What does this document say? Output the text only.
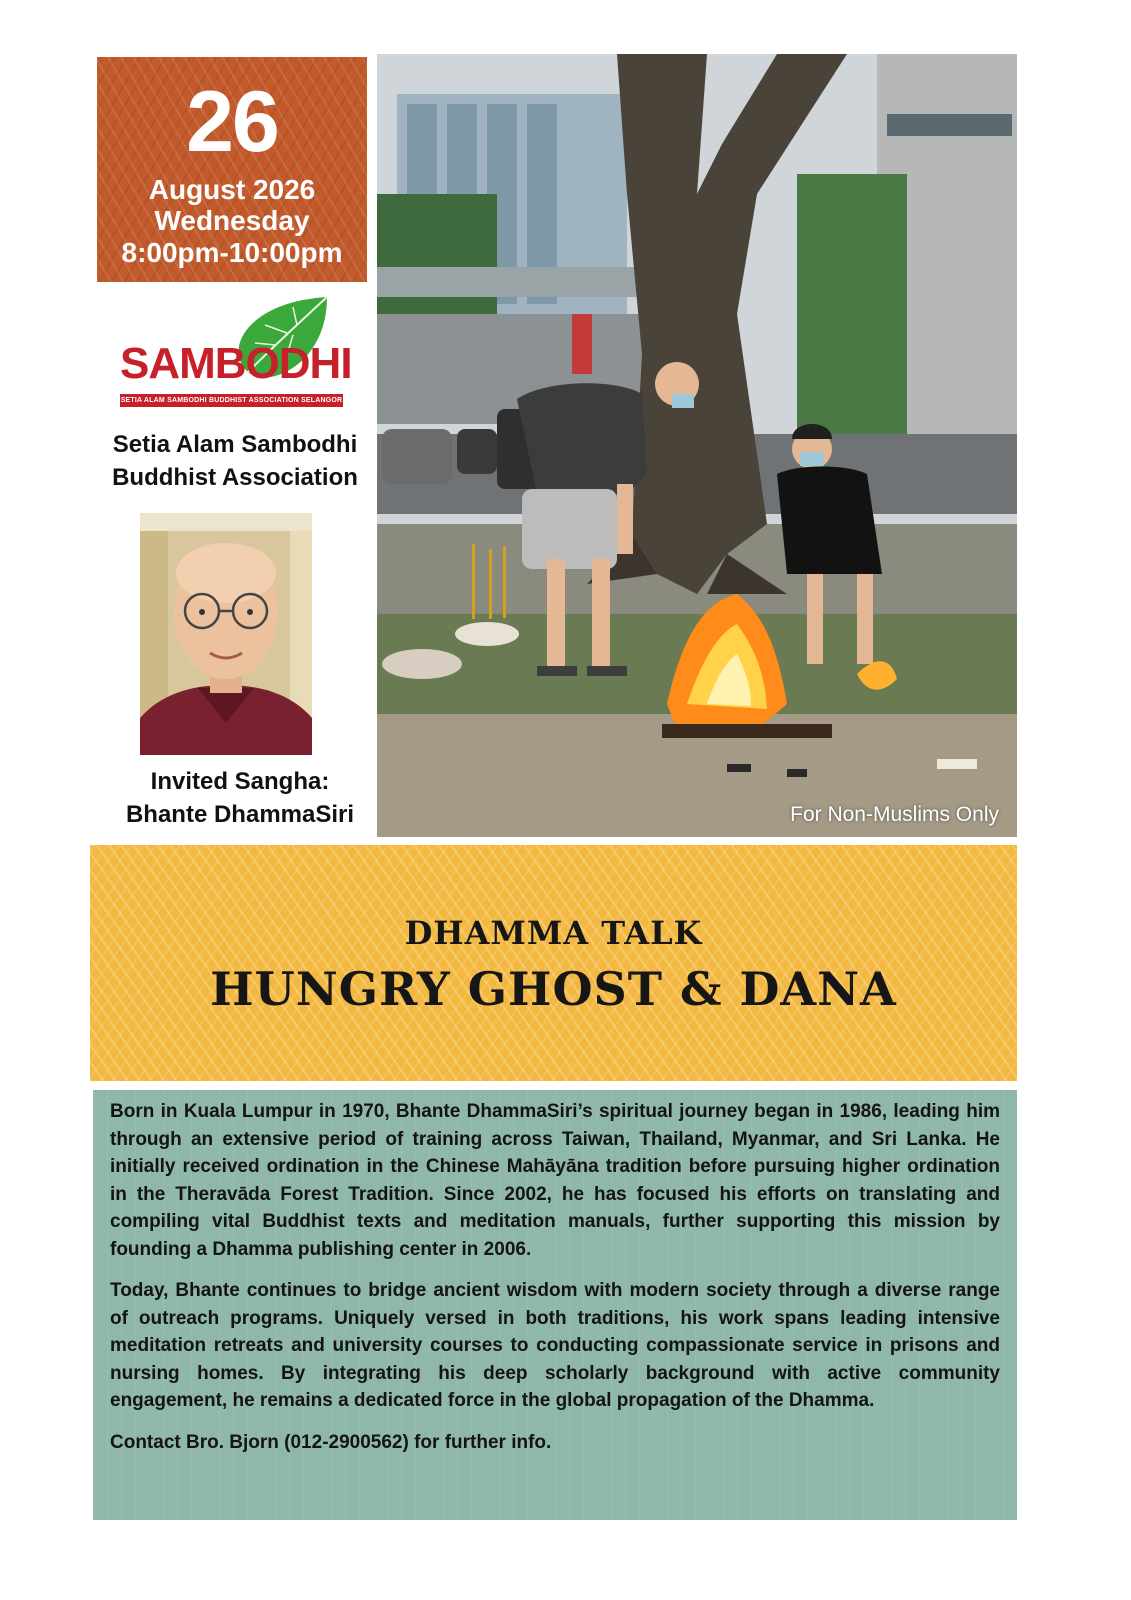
26
August 2026
Wednesday
8:00pm-10:00pm
SAMBODHI
SETIA ALAM SAMBODHI BUDDHIST ASSOCIATION SELANGOR
Setia Alam Sambodhi
Buddhist Association
Invited Sangha:
Bhante DhammaSiri	For Non-Muslims Only
DHAMMA TALK
HUNGRY GHOST & DANA

Born in Kuala Lumpur in 1970, Bhante DhammaSiri’s spiritual journey began in 1986, leading him through an extensive period of training across Taiwan, Thailand, Myanmar, and Sri Lanka. He initially received ordination in the Chinese Mahāyāna tradition before pursuing higher ordination in the Theravāda Forest Tradition. Since 2002, he has focused his efforts on translating and compiling vital Buddhist texts and meditation manuals, further supporting this mission by founding a Dhamma publishing center in 2006.

Today, Bhante continues to bridge ancient wisdom with modern society through a diverse range of outreach programs. Uniquely versed in both traditions, his work spans leading intensive meditation retreats and university courses to conducting compassionate service in prisons and nursing homes. By integrating his deep scholarly background with active community engagement, he remains a dedicated force in the global propagation of the Dhamma.

Contact Bro. Bjorn (012-2900562) for further info.
